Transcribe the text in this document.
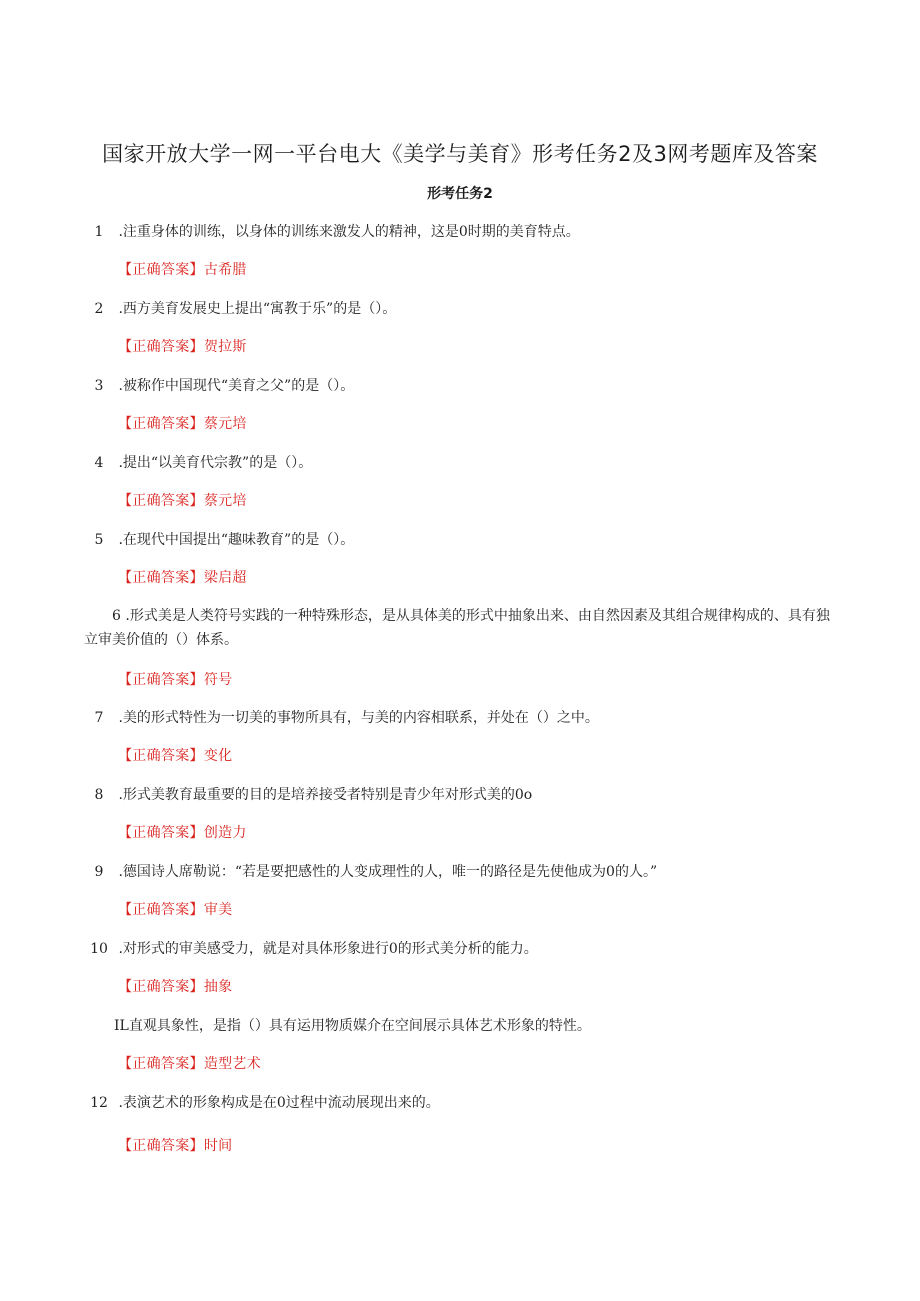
国家开放大学一网一平台电大《美学与美育》形考任务2及3网考题库及答案
形考任务2
1 .注重身体的训练，以身体的训练来激发人的精神，这是0时期的美育特点。
【正确答案】古希腊
2 .西方美育发展史上提出“寓教于乐”的是（）。
【正确答案】贺拉斯
3 .被称作中国现代“美育之父”的是（）。
【正确答案】蔡元培
4 .提出“以美育代宗教”的是（）。
【正确答案】蔡元培
5 .在现代中国提出“趣味教育”的是（）。
【正确答案】梁启超
6 .形式美是人类符号实践的一种特殊形态，是从具体美的形式中抽象出来、由自然因素及其组合规律构成的、具有独立审美价值的（）体系。
【正确答案】符号
7 .美的形式特性为一切美的事物所具有，与美的内容相联系，并处在（）之中。
【正确答案】变化
8 .形式美教育最重要的目的是培养接受者特别是青少年对形式美的0o
【正确答案】创造力
9 .德国诗人席勒说：“若是要把感性的人变成理性的人，唯一的路径是先使他成为0的人。”
【正确答案】审美
10 .对形式的审美感受力，就是对具体形象进行0的形式美分析的能力。
【正确答案】抽象
IL直观具象性，是指（）具有运用物质媒介在空间展示具体艺术形象的特性。
【正确答案】造型艺术
12 .表演艺术的形象构成是在0过程中流动展现出来的。
【正确答案】时间
